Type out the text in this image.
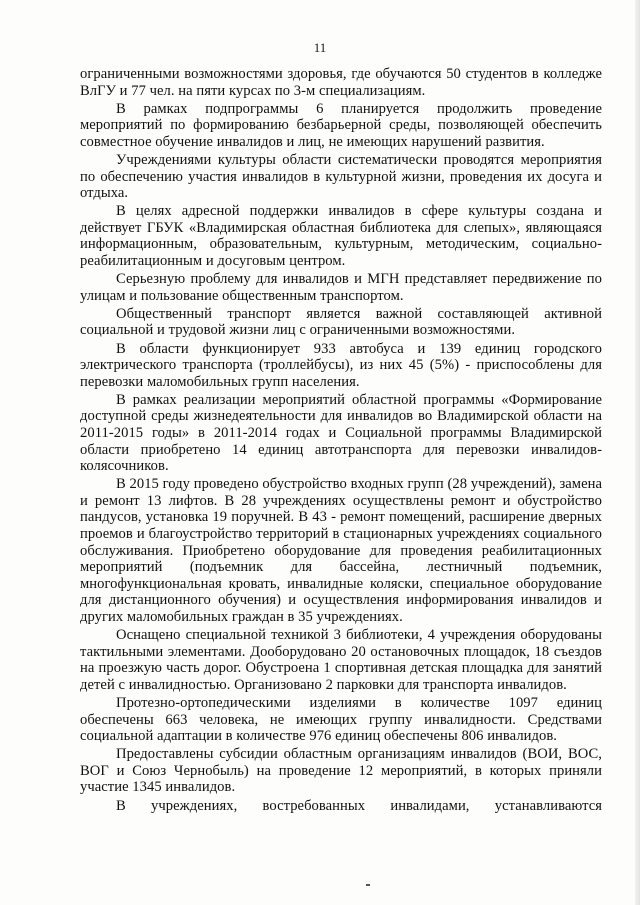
11

ограниченными возможностями здоровья, где обучаются 50 студентов в колледже ВлГУ и 77 чел. на пяти курсах по 3-м специализациям.

В рамках подпрограммы 6 планируется продолжить проведение мероприятий по формированию безбарьерной среды, позволяющей обеспечить совместное обучение инвалидов и лиц, не имеющих нарушений развития.

Учреждениями культуры области систематически проводятся мероприятия по обеспечению участия инвалидов в культурной жизни, проведения их досуга и отдыха.

В целях адресной поддержки инвалидов в сфере культуры создана и действует ГБУК «Владимирская областная библиотека для слепых», являющаяся информационным, образовательным, культурным, методическим, социально-реабилитационным и досуговым центром.

Серьезную проблему для инвалидов и МГН представляет передвижение по улицам и пользование общественным транспортом.

Общественный транспорт является важной составляющей активной социальной и трудовой жизни лиц с ограниченными возможностями.

В области функционирует 933 автобуса и 139 единиц городского электрического транспорта (троллейбусы), из них 45 (5%) - приспособлены для перевозки маломобильных групп населения.

В рамках реализации мероприятий областной программы «Формирование доступной среды жизнедеятельности для инвалидов во Владимирской области на 2011-2015 годы» в 2011-2014 годах и Социальной программы Владимирской области приобретено 14 единиц автотранспорта для перевозки инвалидов-колясочников.

В 2015 году проведено обустройство входных групп (28 учреждений), замена и ремонт 13 лифтов. В 28 учреждениях осуществлены ремонт и обустройство пандусов, установка 19 поручней. В 43 - ремонт помещений, расширение дверных проемов и благоустройство территорий в стационарных учреждениях социального обслуживания. Приобретено оборудование для проведения реабилитационных мероприятий (подъемник для бассейна, лестничный подъемник, многофункциональная кровать, инвалидные коляски, специальное оборудование для дистанционного обучения) и осуществления информирования инвалидов и других маломобильных граждан в 35 учреждениях.

Оснащено специальной техникой 3 библиотеки, 4 учреждения оборудованы тактильными элементами. Дооборудовано 20 остановочных площадок, 18 съездов на проезжую часть дорог. Обустроена 1 спортивная детская площадка для занятий детей с инвалидностью. Организовано 2 парковки для транспорта инвалидов.

Протезно-ортопедическими изделиями в количестве 1097 единиц обеспечены 663 человека, не имеющих группу инвалидности. Средствами социальной адаптации в количестве 976 единиц обеспечены 806 инвалидов.

Предоставлены субсидии областным организациям инвалидов (ВОИ, ВОС, ВОГ и Союз Чернобыль) на проведение 12 мероприятий, в которых приняли участие 1345 инвалидов.

В учреждениях, востребованных инвалидами, устанавливаются
